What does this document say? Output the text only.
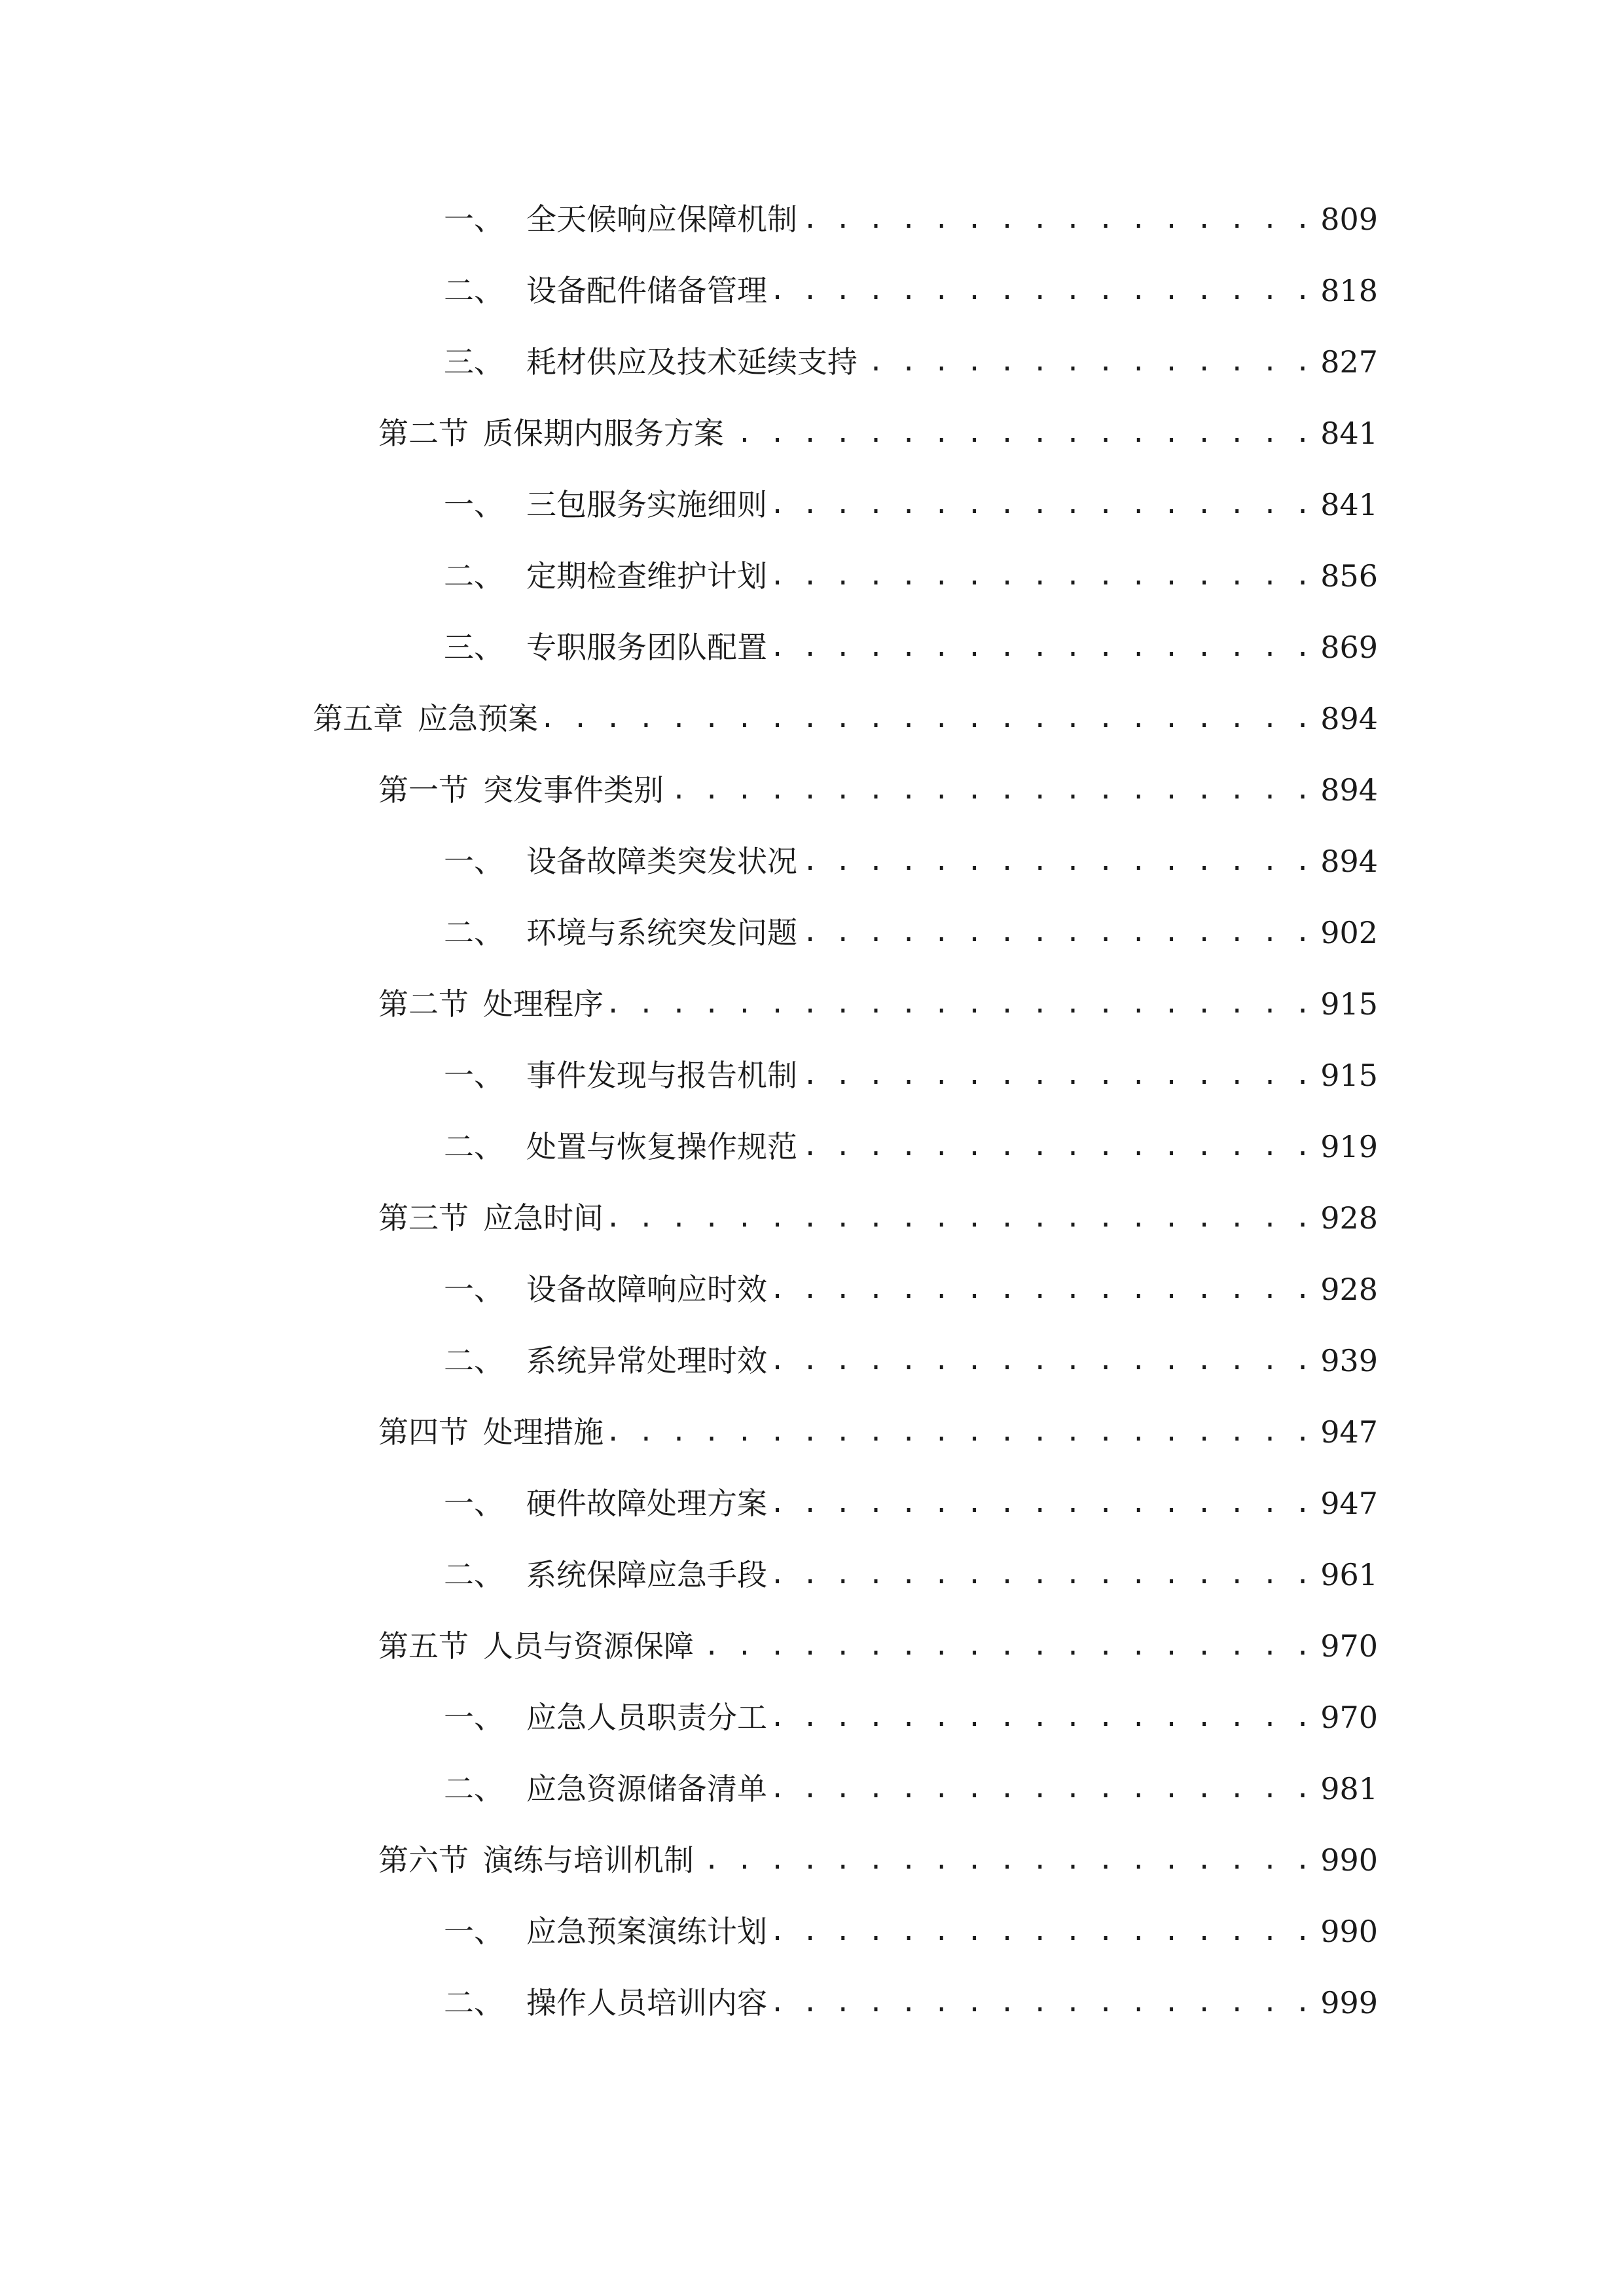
一、 全天候响应保障机制 . . .	809
二、 设备配件储备管理 . . .	818
三、 耗材供应及技术延续支持 . . .	827
第二节 质保期内服务方案 . . .	841
一、 三包服务实施细则 . . .	841
二、 定期检查维护计划 . . .	856
三、 专职服务团队配置 . . .	869
第五章 应急预案 . . .	894
第一节 突发事件类别 . . .	894
一、 设备故障类突发状况 . . .	894
二、 环境与系统突发问题 . . .	902
第二节 处理程序 . . .	915
一、 事件发现与报告机制 . . .	915
二、 处置与恢复操作规范 . . .	919
第三节 应急时间 . . .	928
一、 设备故障响应时效 . . .	928
二、 系统异常处理时效 . . .	939
第四节 处理措施 . . .	947
一、 硬件故障处理方案 . . .	947
二、 系统保障应急手段 . . .	961
第五节 人员与资源保障 . . .	970
一、 应急人员职责分工 . . .	970
二、 应急资源储备清单 . . .	981
第六节 演练与培训机制 . . .	990
一、 应急预案演练计划 . . .	990
二、 操作人员培训内容 . . .	999
